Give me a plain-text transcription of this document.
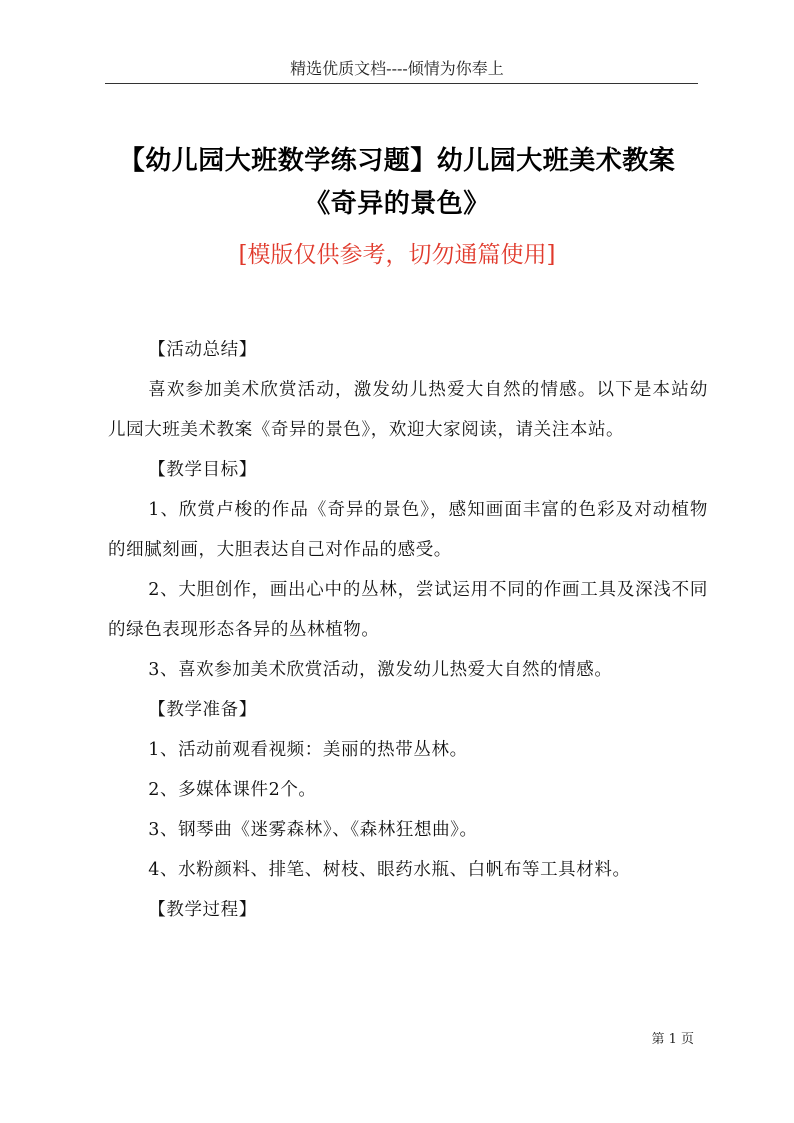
精选优质文档----倾情为你奉上
【幼儿园大班数学练习题】幼儿园大班美术教案《奇异的景色》
[模版仅供参考，切勿通篇使用]

【活动总结】

喜欢参加美术欣赏活动，激发幼儿热爱大自然的情感。以下是本站幼儿园大班美术教案《奇异的景色》，欢迎大家阅读，请关注本站。

【教学目标】

1、欣赏卢梭的作品《奇异的景色》，感知画面丰富的色彩及对动植物的细腻刻画，大胆表达自己对作品的感受。

2、大胆创作，画出心中的丛林，尝试运用不同的作画工具及深浅不同的绿色表现形态各异的丛林植物。

3、喜欢参加美术欣赏活动，激发幼儿热爱大自然的情感。

【教学准备】

1、活动前观看视频：美丽的热带丛林。

2、多媒体课件2个。

3、钢琴曲《迷雾森林》、《森林狂想曲》。

4、水粉颜料、排笔、树枝、眼药水瓶、白帆布等工具材料。

【教学过程】

第 1 页
